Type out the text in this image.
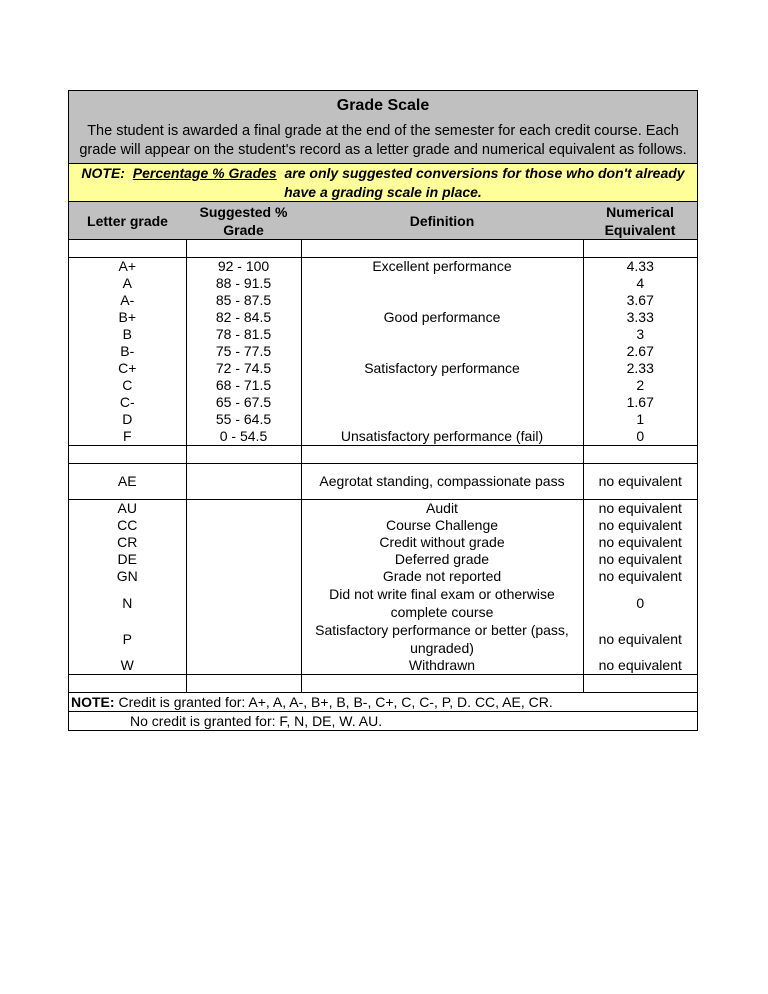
Grade Scale
The student is awarded a final grade at the end of the semester for each credit course. Each grade will appear on the student's record as a letter grade and numerical equivalent as follows.
NOTE: Percentage % Grades are only suggested conversions for those who don't already have a grading scale in place.
Letter grade	Suggested % Grade	Definition	Numerical Equivalent

A+	92 - 100	Excellent performance	4.33
A	88 - 91.5		4
A-	85 - 87.5		3.67
B+	82 - 84.5	Good performance	3.33
B	78 - 81.5		3
B-	75 - 77.5		2.67
C+	72 - 74.5	Satisfactory performance	2.33
C	68 - 71.5		2
C-	65 - 67.5		1.67
D	55 - 64.5		1
F	0 - 54.5	Unsatisfactory performance (fail)	0

AE		Aegrotat standing, compassionate pass	no equivalent
AU		Audit	no equivalent
CC		Course Challenge	no equivalent
CR		Credit without grade	no equivalent
DE		Deferred grade	no equivalent
GN		Grade not reported	no equivalent
N		Did not write final exam or otherwise complete course	0
P		Satisfactory performance or better (pass, ungraded)	no equivalent
W		Withdrawn	no equivalent

NOTE: Credit is granted for: A+, A, A-, B+, B, B-, C+, C, C-, P, D. CC, AE, CR.
No credit is granted for: F, N, DE, W. AU.
